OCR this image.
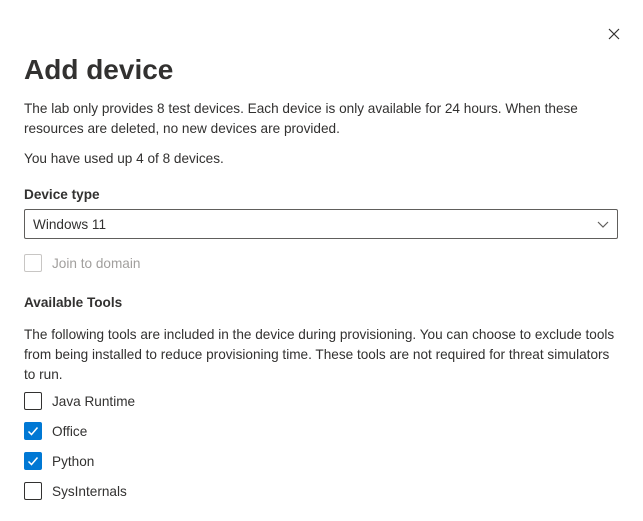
Add device
The lab only provides 8 test devices. Each device is only available for 24 hours. When these resources are deleted, no new devices are provided.
You have used up 4 of 8 devices.
Device type
Windows 11
Join to domain
Available Tools
The following tools are included in the device during provisioning. You can choose to exclude tools from being installed to reduce provisioning time. These tools are not required for threat simulators to run.
Java Runtime
Office
Python
SysInternals
